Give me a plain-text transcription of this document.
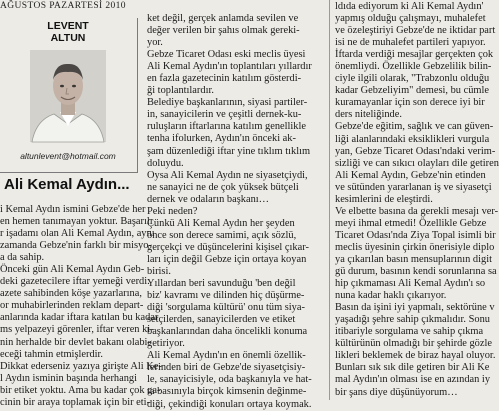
AĞUSTOS PAZARTESİ 2010
LEVENT
ALTUN
altunlevent@hotmail.com
Ali Kemal Aydın...

i Kemal Aydın ismini Gebze'de her

en hemen tanımayan yoktur. Başarılı

r işadamı olan Ali Kemal Aydın, aynı

zamanda Gebze'nin farklı bir misyo-

a da sahip.

Önceki gün Ali Kemal Aydın Geb-

deki gazetecilere iftar yemeği verdi.

azete sahibinden köşe yazarlarına,

or muhabirlerinden reklam depart-

anlarında kadar iftara katılan bu kadar

ms yelpazeyi görenler, iftar veren ki-

nin herhalde bir devlet bakanı olabi-

eceği tahmin etmişlerdir.

Dikkat ederseniz yazıya girişte Ali Ke-

l Aydın isminin başında herhangi

bir etiket yoktu. Ama bu kadar çok ga-

cinin bir araya toplamak için bir eti-

ket değil, gerçek anlamda sevilen ve

değer verilen bir şahıs olmak gereki-

yor.

Gebze Ticaret Odası eski meclis üyesi

Ali Kemal Aydın'ın toplantıları yıllardır

en fazla gazetecinin katılım gösterdi-

ği toplantılardır.

Belediye başkanlarının, siyasi partiler-

in, sanayicilerin ve çeşitli dernek-ku-

ruluşların iftarlarına katılım genellikle

tenha ifolurken, Aydın'ın önceki ak-

şam düzenlediği iftar yine tıklım tıklım

doluydu.

Oysa Ali Kemal Aydın ne siyasetçiydi,

ne sanayici ne de çok yüksek bütçeli

dernek ve odaların başkanı…

Peki neden?

Çünkü Ali Kemal Aydın her şeyden

önce son derece samimi, açık sözlü,

gerçekçi ve düşüncelerini kişisel çıkar-

ları için değil Gebze için ortaya koyan

birisi.

Yıllardan beri savunduğu 'ben değil

biz' kavramı ve dilinden hiç düşürme-

diği 'sorgulama kültürü' onu tüm siya-

setçilerden, sanayicilerden ve etiket

başkanlarından daha öncelikli konuma

getiriyor.

Ali Kemal Aydın'ın en önemli özellik-

lerinden biri de Gebze'de siyasetçisiy-

le, sanayicisiyle, oda başkanıyla ve hat-

ta basınıyla birçok kimsenin değinme-

diği, çekindiği konuları ortaya koymak.

ldıda ediyorum ki Ali Kemal Aydın'

yapmış olduğu çalışmayı, muhalefet

ve özeleştiriyi Gebze'de ne iktidar part

isi ne de muhalefet partileri yapıyor.

İftarda verdiği mesajlar gerçekten çok

önemliydi. Özellikle Gebzelilik bilin-

ciyle ilgili olarak, "Trabzonlu olduğu

kadar Gebzeliyim" demesi, bu cümle

kuramayanlar için son derece iyi bir

ders niteliğinde.

Gebze'de eğitim, sağlık ve can güven-

liği alanlarındaki eksiklikleri vurgula

yan, Gebze Ticaret Odası'ndaki verim-

sizliği ve can sıkıcı olayları dile getiren

Ali Kemal Aydın, Gebze'nin etinden

ve sütünden yararlanan iş ve siyasetçi

kesimlerini de eleştirdi.

Ve elbette basına da gerekli mesajı ver-

meyi ihmal etmedi! Özellikle Gebze

Ticaret Odası'nda Ziya Topal isimli bir

meclis üyesinin çirkin önerisiyle diplo

ya çıkarılan basın mensuplarının digit

gü durum, basının kendi sorunlarına sa

hip çıkmaması Ali Kemal Aydın'ı so

nuna kadar haklı çıkarıyor.

Basın da işini iyi yapmalı, sektörüne v

yaşadığı şehre sahip çıkmalıdır. Sonu

itibariyle sorgulama ve sahip çıkma

kültürünün olmadığı bir şehirde gözle

likleri beklemek de biraz hayal oluyor.

Bunları sık sık dile getiren bir Ali Ke

mal Aydın'ın olması ise en azından iy

bir şans diye düşünüyorum…
